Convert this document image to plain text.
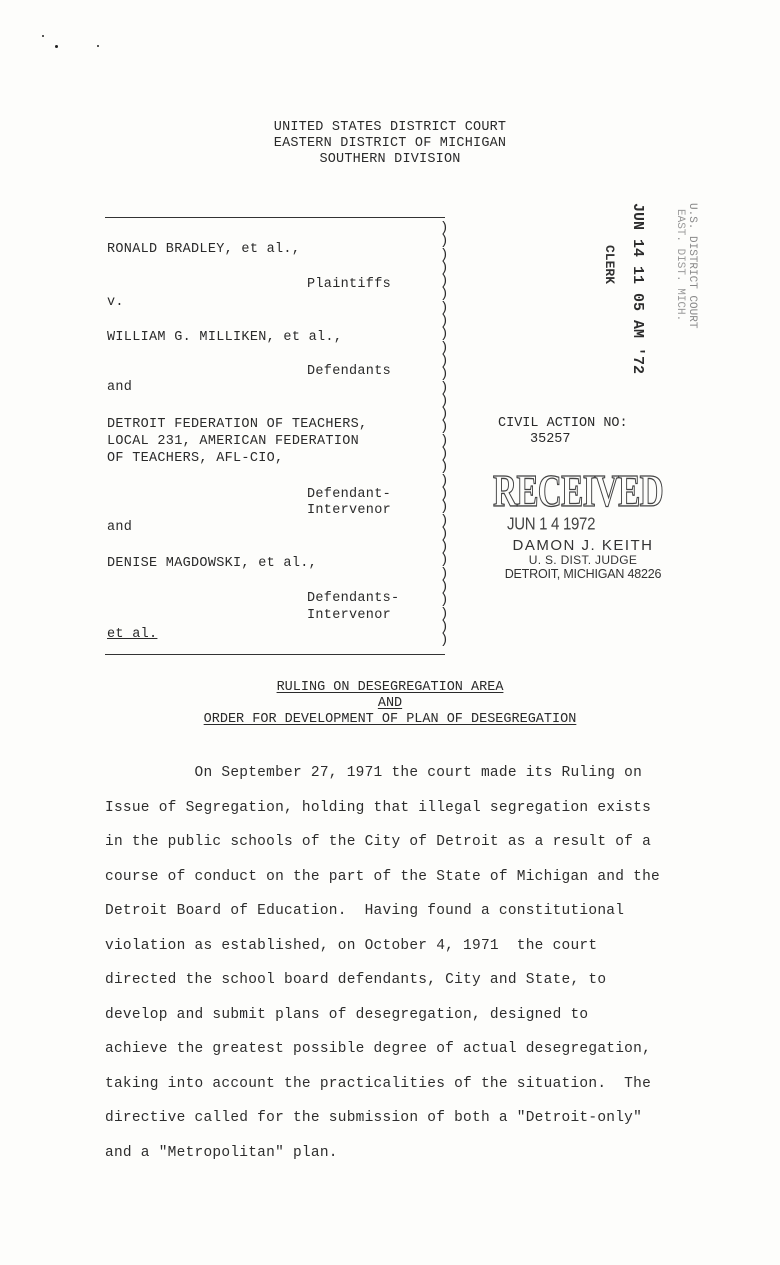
UNITED STATES DISTRICT COURT
EASTERN DISTRICT OF MICHIGAN
SOUTHERN DIVISION
RONALD BRADLEY, et al.,
Plaintiffs
v.
WILLIAM G. MILLIKEN, et al.,
Defendants
and
DETROIT FEDERATION OF TEACHERS,
LOCAL 231, AMERICAN FEDERATION
OF TEACHERS, AFL-CIO,
Defendant-
Intervenor
and
DENISE MAGDOWSKI, et al.,
Defendants-
Intervenor
et al.
)
)
)
)
)
)
)
)
)
)
)
)
)
)
)
)
)
)
)
)
)
)
)
)
)
)
)
)
)
)
)
)
CIVIL ACTION NO:
35257
JUN 14 11 05 AM '72
CLERK	U.S. DISTRICT COURT
EAST. DIST. MICH.
RECEIVED
JUN 1 4 1972
DAMON J. KEITH
U. S. DIST. JUDGE
DETROIT, MICHIGAN 48226
RULING ON DESEGREGATION AREA
AND
ORDER FOR DEVELOPMENT OF PLAN OF DESEGREGATION
On September 27, 1971 the court made its Ruling on
Issue of Segregation, holding that illegal segregation exists
in the public schools of the City of Detroit as a result of a
course of conduct on the part of the State of Michigan and the
Detroit Board of Education.  Having found a constitutional
violation as established, on October 4, 1971  the court
directed the school board defendants, City and State, to
develop and submit plans of desegregation, designed to
achieve the greatest possible degree of actual desegregation,
taking into account the practicalities of the situation.  The
directive called for the submission of both a "Detroit-only"
and a "Metropolitan" plan.
